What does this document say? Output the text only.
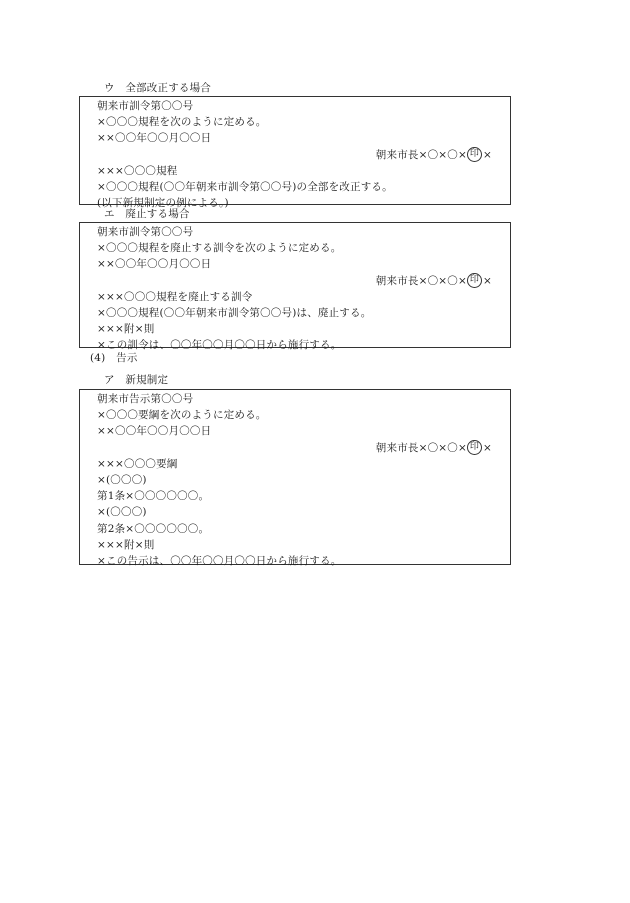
ウ　全部改正する場合
朝来市訓令第〇〇号
×〇〇〇規程を次のように定める。
××〇〇年〇〇月〇〇日
朝来市長×〇×〇× 印 ×
×××〇〇〇規程
×〇〇〇規程(〇〇年朝来市訓令第〇〇号)の全部を改正する。
(以下新規制定の例による。)
エ　廃止する場合
朝来市訓令第〇〇号
×〇〇〇規程を廃止する訓令を次のように定める。
××〇〇年〇〇月〇〇日
朝来市長×〇×〇× 印 ×
×××〇〇〇規程を廃止する訓令
×〇〇〇規程(〇〇年朝来市訓令第〇〇号)は、廃止する。
×××附×則
×この訓令は、〇〇年〇〇月〇〇日から施行する。
(4)　告示
ア　新規制定
朝来市告示第〇〇号
×〇〇〇要綱を次のように定める。
××〇〇年〇〇月〇〇日
朝来市長×〇×〇× 印 ×
×××〇〇〇要綱
×(〇〇〇)
第1条×〇〇〇〇〇〇。
×(〇〇〇)
第2条×〇〇〇〇〇〇。
×××附×則
×この告示は、〇〇年〇〇月〇〇日から施行する。
